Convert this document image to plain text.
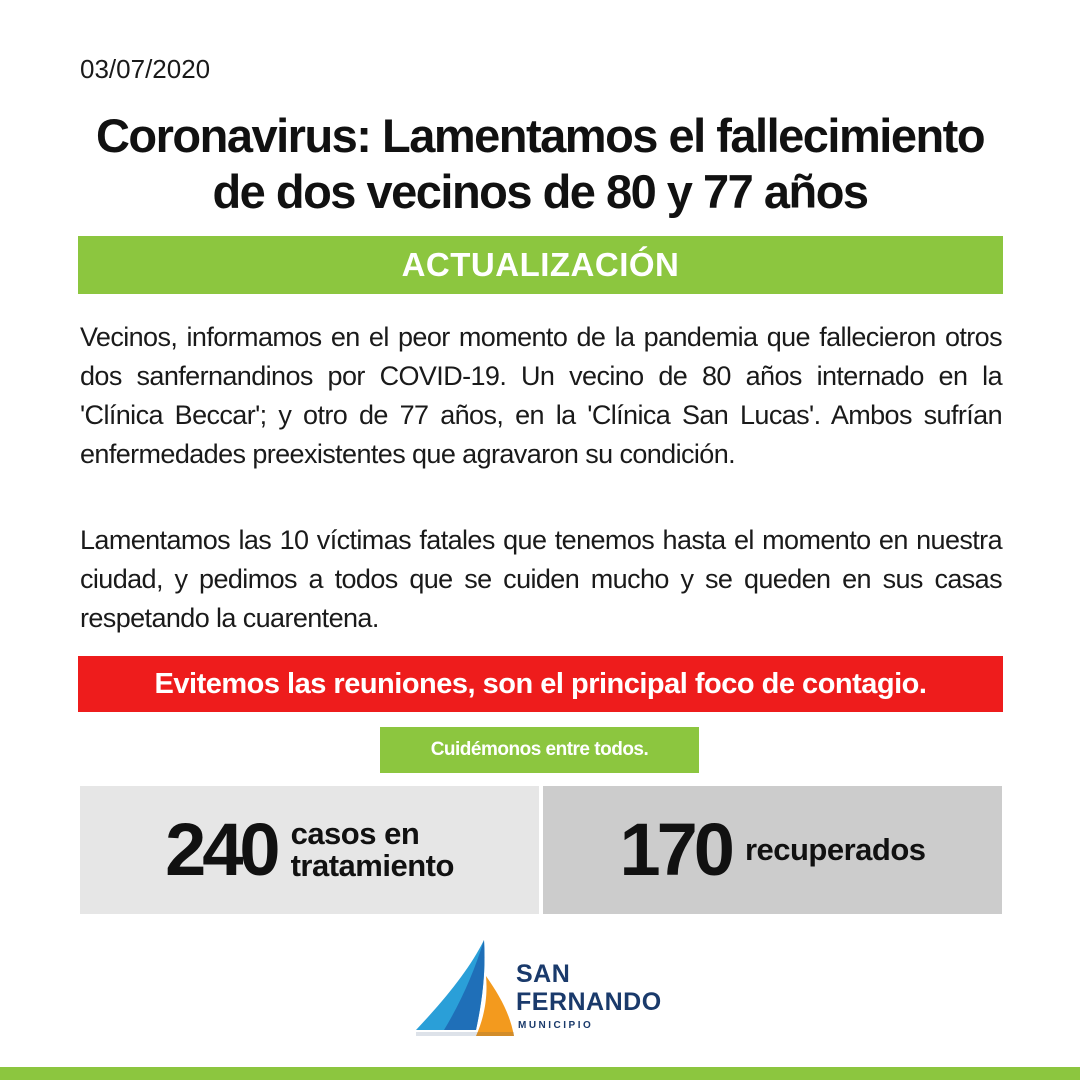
03/07/2020
Coronavirus: Lamentamos el fallecimiento
de dos vecinos de 80 y 77 años
ACTUALIZACIÓN
Vecinos, informamos en el peor momento de la pandemia que fallecieron otros dos sanfernandinos por COVID-19. Un vecino de 80 años internado en la 'Clínica Beccar'; y otro de 77 años, en la 'Clínica San Lucas'. Ambos sufrían enfermedades preexistentes que agravaron su condición.
Lamentamos las 10 víctimas fatales que tenemos hasta el momento en nuestra ciudad, y pedimos a todos que se cuiden mucho y se queden en sus casas respetando la cuarentena.
Evitemos las reuniones, son el principal foco de contagio.
Cuidémonos entre todos.
240 casos en
tratamiento 170 recuperados
SAN
FERNANDO
MUNICIPIO
